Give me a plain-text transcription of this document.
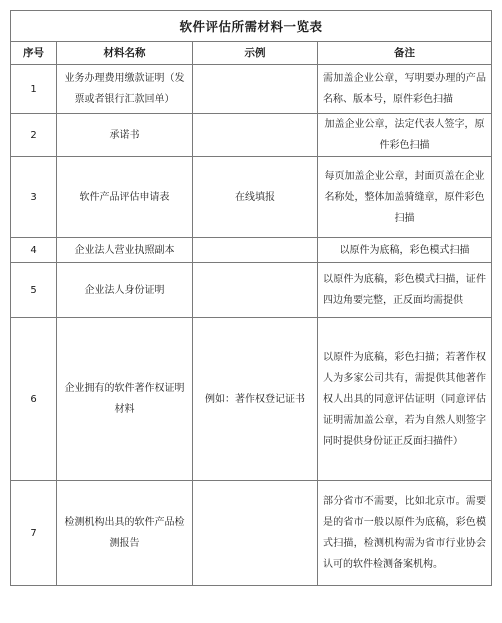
软件评估所需材料一览表			
序号	材料名称	示例	备注
1	业务办理费用缴款证明（发票或者银行汇款回单）		需加盖企业公章，写明要办理的产品名称、版本号，原件彩色扫描
2	承诺书		加盖企业公章，法定代表人签字，原件彩色扫描
3	软件产品评估申请表	在线填报	每页加盖企业公章，封面页盖在企业名称处，整体加盖骑缝章，原件彩色扫描
4	企业法人营业执照副本		以原件为底稿，彩色模式扫描
5	企业法人身份证明		以原件为底稿，彩色模式扫描，证件四边角要完整，正反面均需提供
6	企业拥有的软件著作权证明材料	例如：著作权登记证书	以原件为底稿，彩色扫描；若著作权人为多家公司共有，需提供其他著作权人出具的同意评估证明（同意评估证明需加盖公章，若为自然人则签字同时提供身份证正反面扫描件）
7	检测机构出具的软件产品检测报告		部分省市不需要，比如北京市。需要是的省市一般以原件为底稿，彩色模式扫描，检测机构需为省市行业协会认可的软件检测备案机构。
